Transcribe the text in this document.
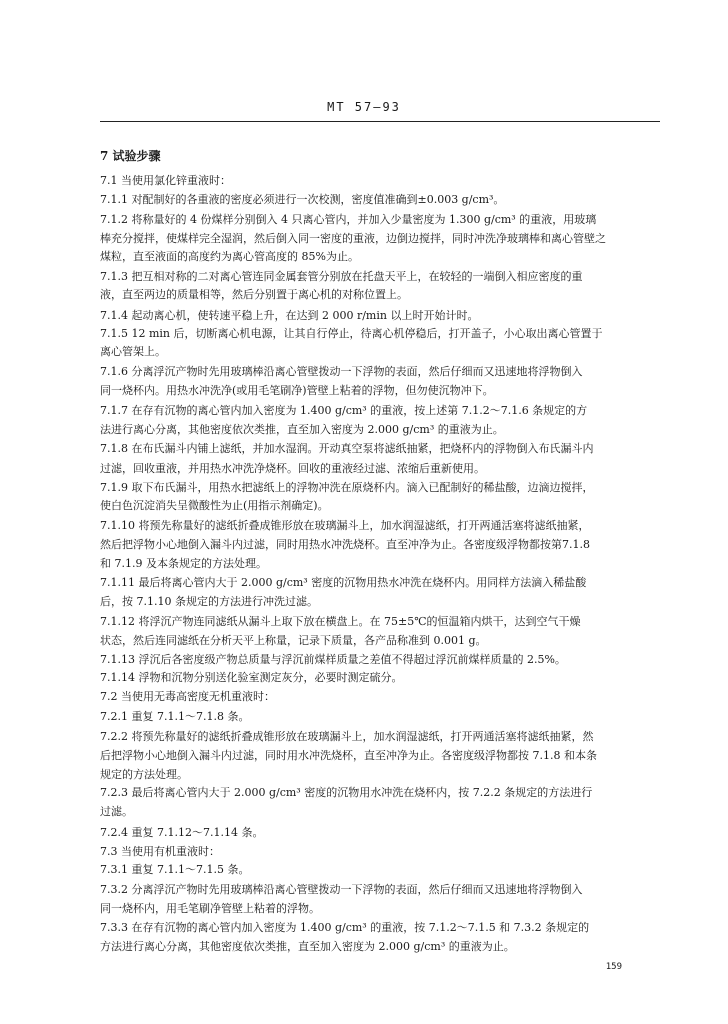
MT 57—93
7 试验步骤
7.1 当使用氯化锌重液时：
7.1.1 对配制好的各重液的密度必须进行一次校测，密度值准确到±0.003 g/cm³。
7.1.2 将称量好的 4 份煤样分别倒入 4 只离心管内，并加入少量密度为 1.300 g/cm³ 的重液，用玻璃
棒充分搅拌，使煤样完全湿润，然后倒入同一密度的重液，边倒边搅拌，同时冲洗净玻璃棒和离心管壁之
煤粒，直至液面的高度约为离心管高度的 85%为止。
7.1.3 把互相对称的二对离心管连同金属套管分别放在托盘天平上，在较轻的一端倒入相应密度的重
液，直至两边的质量相等，然后分别置于离心机的对称位置上。
7.1.4 起动离心机，使转速平稳上升，在达到 2 000 r/min 以上时开始计时。
7.1.5 12 min 后，切断离心机电源，让其自行停止，待离心机停稳后，打开盖子，小心取出离心管置于
离心管架上。
7.1.6 分离浮沉产物时先用玻璃棒沿离心管壁拨动一下浮物的表面，然后仔细而又迅速地将浮物倒入
同一烧杯内。用热水冲洗净(或用毛笔刷净)管壁上粘着的浮物，但勿使沉物冲下。
7.1.7 在存有沉物的离心管内加入密度为 1.400 g/cm³ 的重液，按上述第 7.1.2～7.1.6 条规定的方
法进行离心分离，其他密度依次类推，直至加入密度为 2.000 g/cm³ 的重液为止。
7.1.8 在布氏漏斗内铺上滤纸，并加水湿润。开动真空泵将滤纸抽紧，把烧杯内的浮物倒入布氏漏斗内
过滤，回收重液，并用热水冲洗净烧杯。回收的重液经过滤、浓缩后重新使用。
7.1.9 取下布氏漏斗，用热水把滤纸上的浮物冲洗在原烧杯内。滴入已配制好的稀盐酸，边滴边搅拌，
使白色沉淀消失呈微酸性为止(用指示剂确定)。
7.1.10 将预先称量好的滤纸折叠成锥形放在玻璃漏斗上，加水润湿滤纸，打开两通活塞将滤纸抽紧，
然后把浮物小心地倒入漏斗内过滤，同时用热水冲洗烧杯。直至冲净为止。各密度级浮物都按第7.1.8
和 7.1.9 及本条规定的方法处理。
7.1.11 最后将离心管内大于 2.000 g/cm³ 密度的沉物用热水冲洗在烧杯内。用同样方法滴入稀盐酸
后，按 7.1.10 条规定的方法进行冲洗过滤。
7.1.12 将浮沉产物连同滤纸从漏斗上取下放在横盘上。在 75±5℃的恒温箱内烘干，达到空气干燥
状态，然后连同滤纸在分析天平上称量，记录下质量，各产品称准到 0.001 g。
7.1.13 浮沉后各密度级产物总质量与浮沉前煤样质量之差值不得超过浮沉前煤样质量的 2.5%。
7.1.14 浮物和沉物分别送化验室测定灰分，必要时测定硫分。
7.2 当使用无毒高密度无机重液时：
7.2.1 重复 7.1.1～7.1.8 条。
7.2.2 将预先称量好的滤纸折叠成锥形放在玻璃漏斗上，加水润湿滤纸，打开两通活塞将滤纸抽紧，然
后把浮物小心地倒入漏斗内过滤，同时用水冲洗烧杯，直至冲净为止。各密度级浮物都按 7.1.8 和本条
规定的方法处理。
7.2.3 最后将离心管内大于 2.000 g/cm³ 密度的沉物用水冲洗在烧杯内，按 7.2.2 条规定的方法进行
过滤。
7.2.4 重复 7.1.12～7.1.14 条。
7.3 当使用有机重液时：
7.3.1 重复 7.1.1～7.1.5 条。
7.3.2 分离浮沉产物时先用玻璃棒沿离心管壁拨动一下浮物的表面，然后仔细而又迅速地将浮物倒入
同一烧杯内，用毛笔刷净管壁上粘着的浮物。
7.3.3 在存有沉物的离心管内加入密度为 1.400 g/cm³ 的重液，按 7.1.2～7.1.5 和 7.3.2 条规定的
方法进行离心分离，其他密度依次类推，直至加入密度为 2.000 g/cm³ 的重液为止。
159
